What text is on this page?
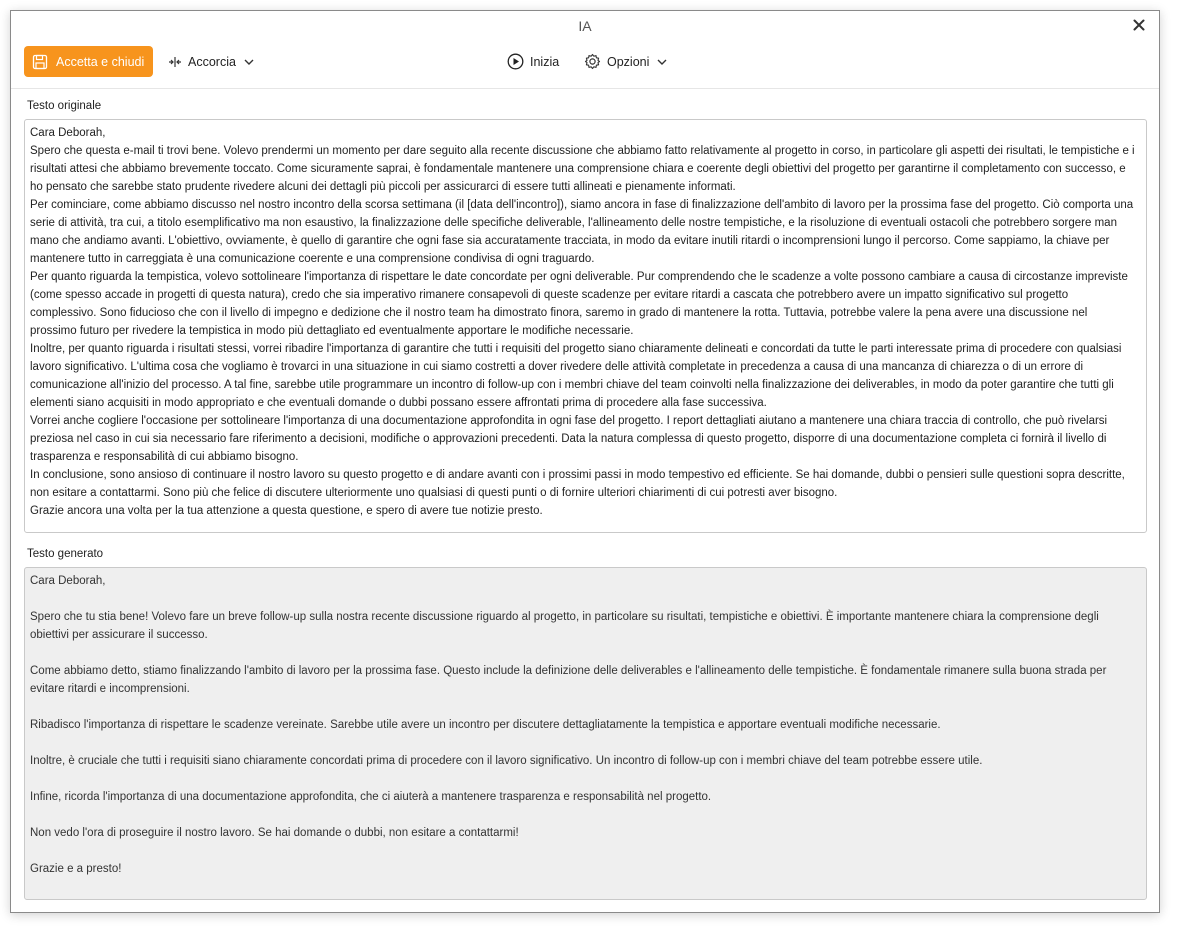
IA
Accetta e chiudi	Accorcia	Inizia	Opzioni
Testo originale
Cara Deborah,
Spero che questa e-mail ti trovi bene. Volevo prendermi un momento per dare seguito alla recente discussione che abbiamo fatto relativamente al progetto in corso, in particolare gli aspetti dei risultati, le tempistiche e i risultati attesi che abbiamo brevemente toccato. Come sicuramente saprai, è fondamentale mantenere una comprensione chiara e coerente degli obiettivi del progetto per garantirne il completamento con successo, e ho pensato che sarebbe stato prudente rivedere alcuni dei dettagli più piccoli per assicurarci di essere tutti allineati e pienamente informati.
Per cominciare, come abbiamo discusso nel nostro incontro della scorsa settimana (il [data dell'incontro]), siamo ancora in fase di finalizzazione dell'ambito di lavoro per la prossima fase del progetto. Ciò comporta una serie di attività, tra cui, a titolo esemplificativo ma non esaustivo, la finalizzazione delle specifiche deliverable, l'allineamento delle nostre tempistiche, e la risoluzione di eventuali ostacoli che potrebbero sorgere man mano che andiamo avanti. L'obiettivo, ovviamente, è quello di garantire che ogni fase sia accuratamente tracciata, in modo da evitare inutili ritardi o incomprensioni lungo il percorso. Come sappiamo, la chiave per mantenere tutto in carreggiata è una comunicazione coerente e una comprensione condivisa di ogni traguardo.
Per quanto riguarda la tempistica, volevo sottolineare l'importanza di rispettare le date concordate per ogni deliverable. Pur comprendendo che le scadenze a volte possono cambiare a causa di circostanze impreviste (come spesso accade in progetti di questa natura), credo che sia imperativo rimanere consapevoli di queste scadenze per evitare ritardi a cascata che potrebbero avere un impatto significativo sul progetto complessivo. Sono fiducioso che con il livello di impegno e dedizione che il nostro team ha dimostrato finora, saremo in grado di mantenere la rotta. Tuttavia, potrebbe valere la pena avere una discussione nel prossimo futuro per rivedere la tempistica in modo più dettagliato ed eventualmente apportare le modifiche necessarie.
Inoltre, per quanto riguarda i risultati stessi, vorrei ribadire l'importanza di garantire che tutti i requisiti del progetto siano chiaramente delineati e concordati da tutte le parti interessate prima di procedere con qualsiasi lavoro significativo. L'ultima cosa che vogliamo è trovarci in una situazione in cui siamo costretti a dover rivedere delle attività completate in precedenza a causa di una mancanza di chiarezza o di un errore di comunicazione all'inizio del processo. A tal fine, sarebbe utile programmare un incontro di follow-up con i membri chiave del team coinvolti nella finalizzazione dei deliverables, in modo da poter garantire che tutti gli elementi siano acquisiti in modo appropriato e che eventuali domande o dubbi possano essere affrontati prima di procedere alla fase successiva.
Vorrei anche cogliere l'occasione per sottolineare l'importanza di una documentazione approfondita in ogni fase del progetto. I report dettagliati aiutano a mantenere una chiara traccia di controllo, che può rivelarsi preziosa nel caso in cui sia necessario fare riferimento a decisioni, modifiche o approvazioni precedenti. Data la natura complessa di questo progetto, disporre di una documentazione completa ci fornirà il livello di trasparenza e responsabilità di cui abbiamo bisogno.
In conclusione, sono ansioso di continuare il nostro lavoro su questo progetto e di andare avanti con i prossimi passi in modo tempestivo ed efficiente. Se hai domande, dubbi o pensieri sulle questioni sopra descritte, non esitare a contattarmi. Sono più che felice di discutere ulteriormente uno qualsiasi di questi punti o di fornire ulteriori chiarimenti di cui potresti aver bisogno.
Grazie ancora una volta per la tua attenzione a questa questione, e spero di avere tue notizie presto.
Testo generato
Cara Deborah,

Spero che tu stia bene! Volevo fare un breve follow-up sulla nostra recente discussione riguardo al progetto, in particolare su risultati, tempistiche e obiettivi. È importante mantenere chiara la comprensione degli obiettivi per assicurare il successo.

Come abbiamo detto, stiamo finalizzando l'ambito di lavoro per la prossima fase. Questo include la definizione delle deliverables e l'allineamento delle tempistiche. È fondamentale rimanere sulla buona strada per evitare ritardi e incomprensioni.

Ribadisco l'importanza di rispettare le scadenze vereinate. Sarebbe utile avere un incontro per discutere dettagliatamente la tempistica e apportare eventuali modifiche necessarie.

Inoltre, è cruciale che tutti i requisiti siano chiaramente concordati prima di procedere con il lavoro significativo. Un incontro di follow-up con i membri chiave del team potrebbe essere utile.

Infine, ricorda l'importanza di una documentazione approfondita, che ci aiuterà a mantenere trasparenza e responsabilità nel progetto.

Non vedo l'ora di proseguire il nostro lavoro. Se hai domande o dubbi, non esitare a contattarmi!

Grazie e a presto!
